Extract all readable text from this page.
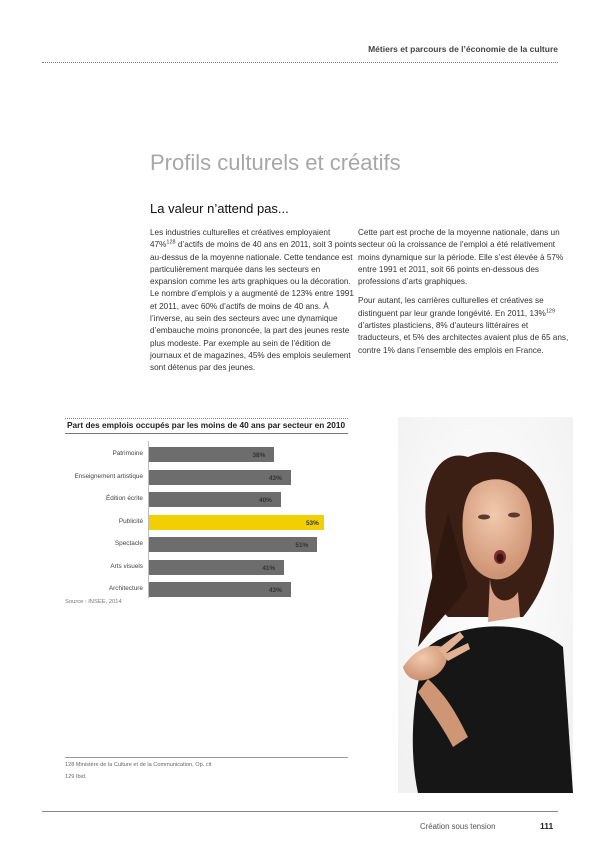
Métiers et parcours de l’économie de la culture
Profils culturels et créatifs
La valeur n’attend pas...

Les industries culturelles et créatives employaient 47%$^{128}$ d’actifs de moins de 40 ans en 2011, soit 3 points au-dessus de la moyenne nationale. Cette tendance est particulièrement marquée dans les secteurs en expansion comme les arts graphiques ou la décoration. Le nombre d’emplois y a augmenté de 123% entre 1991 et 2011, avec 60% d’actifs de moins de 40 ans. À l’inverse, au sein des secteurs avec une dynamique d’embauche moins prononcée, la part des jeunes reste plus modeste. Par exemple au sein de l’édition de journaux et de magazines, 45% des emplois seulement sont détenus par des jeunes.

Cette part est proche de la moyenne nationale, dans un secteur où la croissance de l’emploi a été relativement moins dynamique sur la période. Elle s’est élevée à 57% entre 1991 et 2011, soit 66 points en-dessous des professions d’arts graphiques.

Pour autant, les carrières culturelles et créatives se distinguent par leur grande longévité. En 2011, 13%$^{129}$ d’artistes plasticiens, 8% d’auteurs littéraires et traducteurs, et 5% des architectes avaient plus de 65 ans, contre 1% dans l’ensemble des emplois en France.

Part des emplois occupés par les moins de 40 ans par secteur en 2010
Patrimoine	38%
Enseignement artistique	43%
Édition écrite	40%
Publicité	53%
Spectacle	51%
Arts visuels	41%
Architecture	43%
Source : INSEE, 2014
128 Ministère de la Culture et de la Communication, Op. cit
129 Ibid.
Création sous tension	111
